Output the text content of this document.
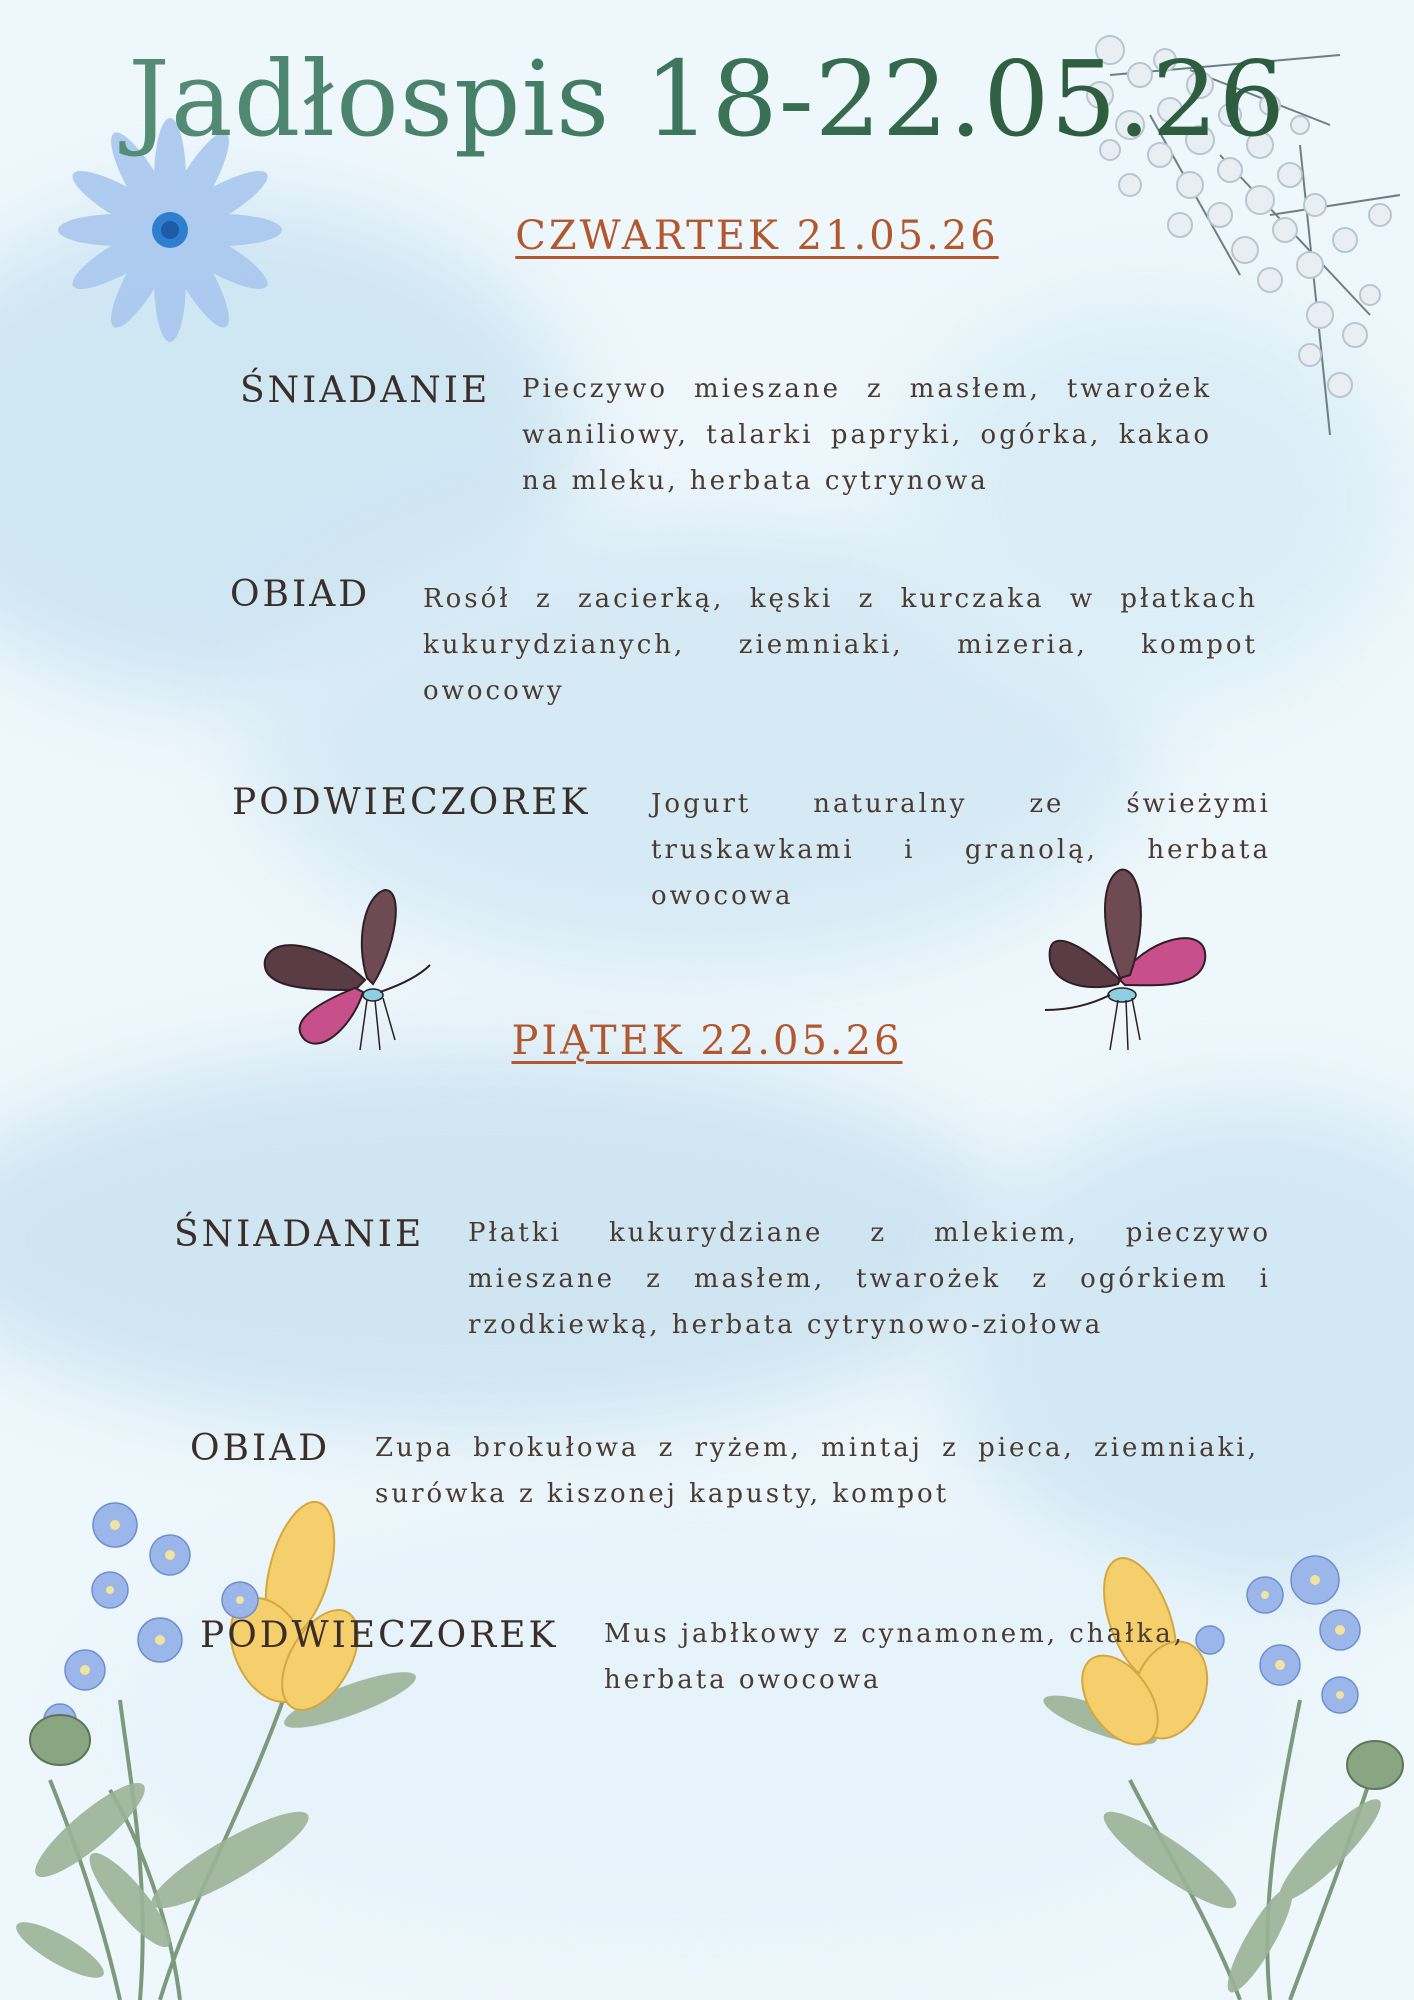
Jadłospis 18-22.05.26
CZWARTEK 21.05.26
ŚNIADANIE Pieczywo mieszane z masłem, twarożek waniliowy, talarki papryki, ogórka, kakao na mleku, herbata cytrynowa
OBIAD Rosół z zacierką, kęski z kurczaka w płatkach kukurydzianych, ziemniaki, mizeria, kompot owocowy
PODWIECZOREK Jogurt naturalny ze świeżymi truskawkami i granolą, herbata owocowa
PIĄTEK 22.05.26
ŚNIADANIE Płatki kukurydziane z mlekiem, pieczywo mieszane z masłem, twarożek z ogórkiem i rzodkiewką, herbata cytrynowo-ziołowa
OBIAD Zupa brokułowa z ryżem, mintaj z pieca, ziemniaki, surówka z kiszonej kapusty, kompot
PODWIECZOREK Mus jabłkowy z cynamonem, chałka, herbata owocowa
